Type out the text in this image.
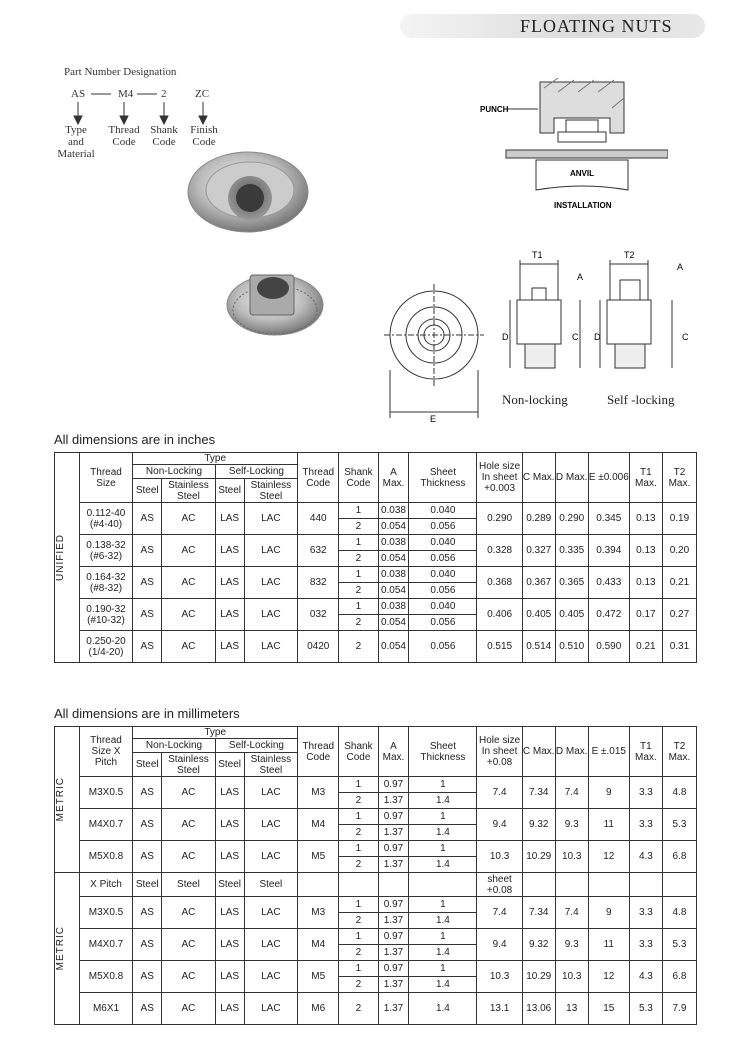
FLOATING NUTS
Part Number Designation
AS	M4	2	ZC
Type
and
Material
Thread
Code
Shank
Code
Finish
Code
PUNCH
ANVIL
INSTALLATION
E
T1
A
D	C
T2
A
D	C
Non-locking	Self -locking
All dimensions are in inches
UNIFIED	Thread Size	Type				Thread Code	Shank Code	A Max.	Sheet Thickness	Hole size In sheet +0.003	C Max.	D Max.	E ±0.006	T1 Max.	T2 Max.
		Non-Locking		Self-Locking											
		Steel	Stainless Steel	Steel	Stainless Steel										
	0.112-40 (#4-40)	AS	AC	LAS	LAC	440	1	0.038	0.040	0.290	0.289	0.290	0.345	0.13	0.19
							2	0.054	0.056						
	0.138-32 (#6-32)	AS	AC	LAS	LAC	632	1	0.038	0.040	0.328	0.327	0.335	0.394	0.13	0.20
							2	0.054	0.056						
	0.164-32 (#8-32)	AS	AC	LAS	LAC	832	1	0.038	0.040	0.368	0.367	0.365	0.433	0.13	0.21
							2	0.054	0.056						
	0.190-32 (#10-32)	AS	AC	LAS	LAC	032	1	0.038	0.040	0.406	0.405	0.405	0.472	0.17	0.27
							2	0.054	0.056						
	0.250-20 (1/4-20)	AS	AC	LAS	LAC	0420	2	0.054	0.056	0.515	0.514	0.510	0.590	0.21	0.31
All dimensions are in millimeters
METRIC	Thread Size X Pitch	Type				Thread Code	Shank Code	A Max.	Sheet Thickness	Hole size In sheet +0.08	C Max.	D Max.	E ±.015	T1 Max.	T2 Max.
		Non-Locking		Self-Locking											
		Steel	Stainless Steel	Steel	Stainless Steel										
	M3X0.5	AS	AC	LAS	LAC	M3	1	0.97	1	7.4	7.34	7.4	9	3.3	4.8
							2	1.37	1.4						
	M4X0.7	AS	AC	LAS	LAC	M4	1	0.97	1	9.4	9.32	9.3	11	3.3	5.3
							2	1.37	1.4						
	M5X0.8	AS	AC	LAS	LAC	M5	1	0.97	1	10.3	10.29	10.3	12	4.3	6.8
							2	1.37	1.4						

METRIC	X Pitch	Steel	Steel	Steel	Steel					sheet +0.08					
	M3X0.5	AS	AC	LAS	LAC	M3	1	0.97	1	7.4	7.34	7.4	9	3.3	4.8
							2	1.37	1.4						
	M4X0.7	AS	AC	LAS	LAC	M4	1	0.97	1	9.4	9.32	9.3	11	3.3	5.3
							2	1.37	1.4						
	M5X0.8	AS	AC	LAS	LAC	M5	1	0.97	1	10.3	10.29	10.3	12	4.3	6.8
							2	1.37	1.4						
	M6X1	AS	AC	LAS	LAC	M6	2	1.37	1.4	13.1	13.06	13	15	5.3	7.9
